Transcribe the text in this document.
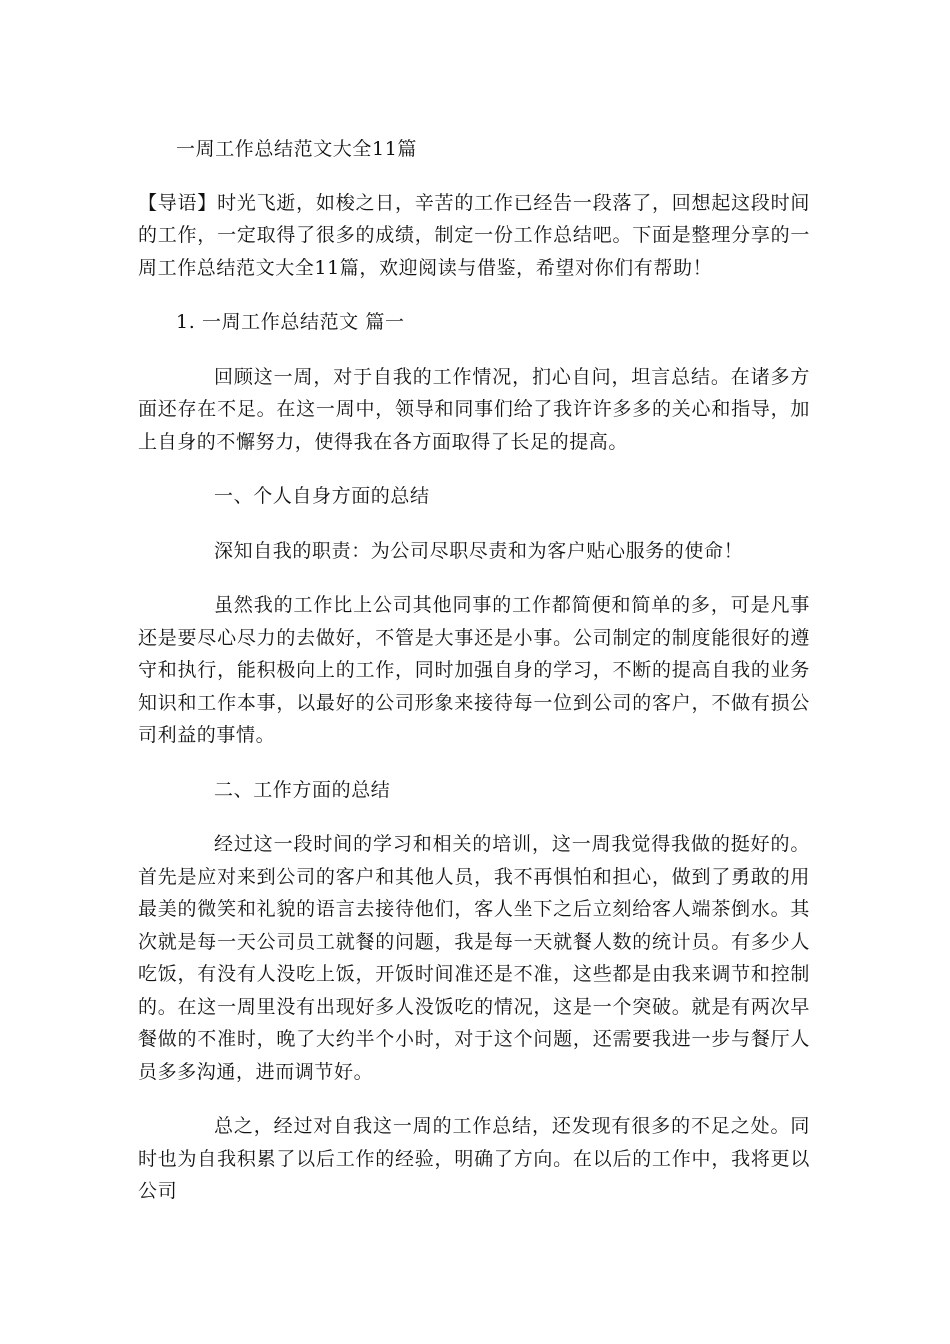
一周工作总结范文大全11篇

【导语】时光飞逝，如梭之日，辛苦的工作已经告一段落了，回想起这段时间的工作，一定取得了很多的成绩，制定一份工作总结吧。下面是整理分享的一周工作总结范文大全11篇，欢迎阅读与借鉴，希望对你们有帮助！

1. 一周工作总结范文 篇一

回顾这一周，对于自我的工作情况，扪心自问，坦言总结。在诸多方面还存在不足。在这一周中，领导和同事们给了我许许多多的关心和指导，加上自身的不懈努力，使得我在各方面取得了长足的提高。

一、个人自身方面的总结

深知自我的职责：为公司尽职尽责和为客户贴心服务的使命！

虽然我的工作比上公司其他同事的工作都简便和简单的多，可是凡事还是要尽心尽力的去做好，不管是大事还是小事。公司制定的制度能很好的遵守和执行，能积极向上的工作，同时加强自身的学习，不断的提高自我的业务知识和工作本事，以最好的公司形象来接待每一位到公司的客户，不做有损公司利益的事情。

二、工作方面的总结

经过这一段时间的学习和相关的培训，这一周我觉得我做的挺好的。首先是应对来到公司的客户和其他人员，我不再惧怕和担心，做到了勇敢的用最美的微笑和礼貌的语言去接待他们，客人坐下之后立刻给客人端茶倒水。其次就是每一天公司员工就餐的问题，我是每一天就餐人数的统计员。有多少人吃饭，有没有人没吃上饭，开饭时间准还是不准，这些都是由我来调节和控制的。在这一周里没有出现好多人没饭吃的情况，这是一个突破。就是有两次早餐做的不准时，晚了大约半个小时，对于这个问题，还需要我进一步与餐厅人员多多沟通，进而调节好。

总之，经过对自我这一周的工作总结，还发现有很多的不足之处。同时也为自我积累了以后工作的经验，明确了方向。在以后的工作中，我将更以公司
